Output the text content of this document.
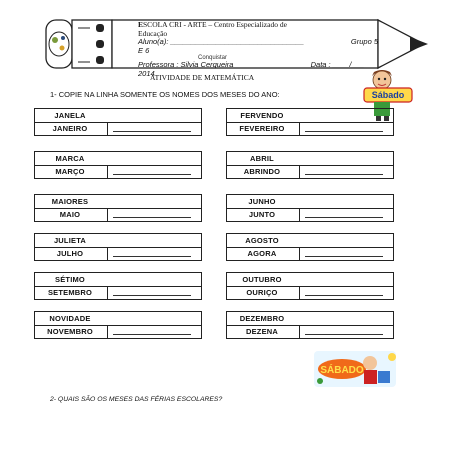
ESCOLA CRI - ARTE – Centro Especializado de
Educação
Aluno(a): ________________________________	Grupo 5
E 6
Conquistar
Professora : Silvia Cerqueira	Data : ____/___
2014
ATIVIDADE DE MATEMÁTICA
1- COPIE NA LINHA SOMENTE OS NOMES DOS MESES DO ANO:	Sábado
JANELA
JANEIRO
MARCA
MARÇO
MAIORES
MAIO
JULIETA
JULHO
SÉTIMO
SETEMBRO
NOVIDADE
NOVEMBRO
FERVENDO
FEVEREIRO
ABRIL
ABRINDO
JUNHO
JUNTO
AGOSTO
AGORA
OUTUBRO
OURIÇO
DEZEMBRO
DEZENA
SÁBADO
2- QUAIS SÃO OS MESES DAS FÉRIAS ESCOLARES?
